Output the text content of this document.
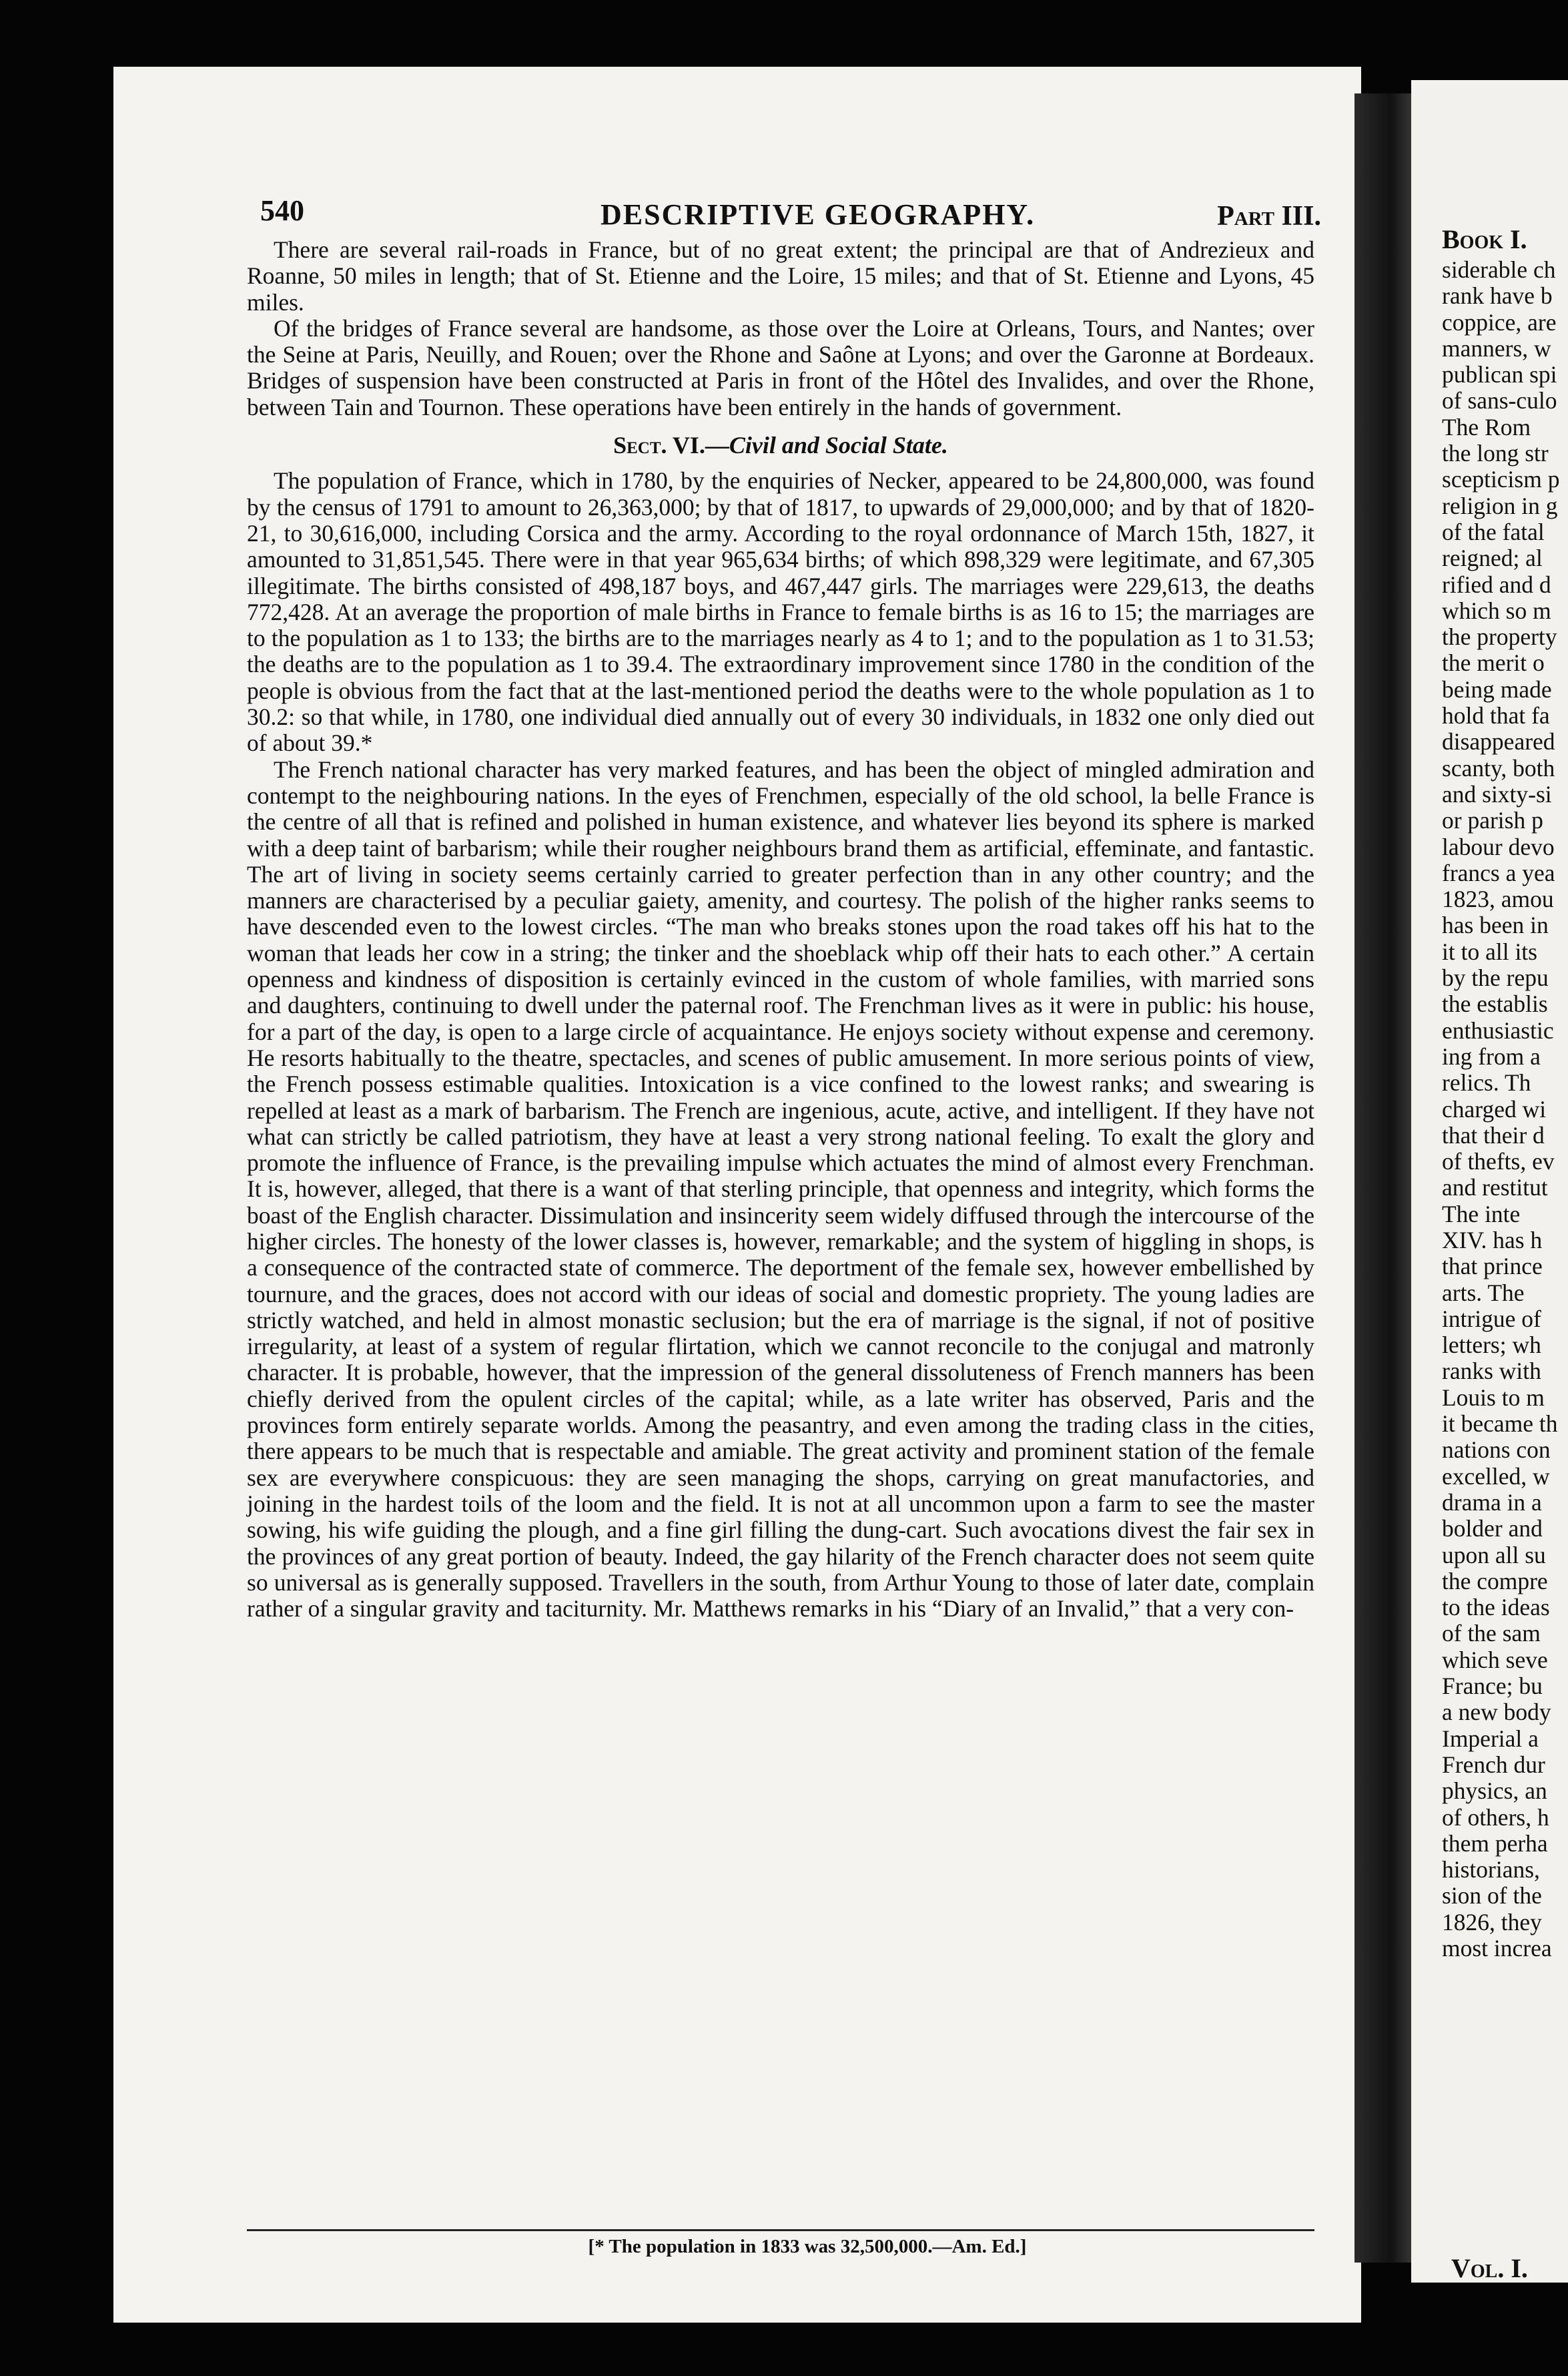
Book I.
siderable ch
rank have b
coppice, are
manners, w
publican spi
of sans-culo
The Rom
the long str
scepticism p
religion in g
of the fatal
reigned; al
rified and d
which so m
the property
the merit o
being made
hold that fa
disappeared
scanty, both
and sixty-si
or parish p
labour devo
francs a yea
1823, amou
has been in
it to all its
by the repu
the establis
enthusiastic
ing from a
relics. Th
charged wi
that their d
of thefts, ev
and restitut
The inte
XIV. has h
that prince
arts. The
intrigue of
letters; wh
ranks with
Louis to m
it became th
nations con
excelled, w
drama in a
bolder and
upon all su
the compre
to the ideas
of the sam
which seve
France; bu
a new body
Imperial a
French dur
physics, an
of others, h
them perha
historians,
sion of the
1826, they
most increa
Vol. I.
540	DESCRIPTIVE GEOGRAPHY.	Part III.

There are several rail-roads in France, but of no great extent; the principal are that of Andrezieux and Roanne, 50 miles in length; that of St. Etienne and the Loire, 15 miles; and that of St. Etienne and Lyons, 45 miles.

Of the bridges of France several are handsome, as those over the Loire at Orleans, Tours, and Nantes; over the Seine at Paris, Neuilly, and Rouen; over the Rhone and Saône at Lyons; and over the Garonne at Bordeaux. Bridges of suspension have been constructed at Paris in front of the Hôtel des Invalides, and over the Rhone, between Tain and Tournon. These operations have been entirely in the hands of government.

Sect. VI.—Civil and Social State.

The population of France, which in 1780, by the enquiries of Necker, appeared to be 24,800,000, was found by the census of 1791 to amount to 26,363,000; by that of 1817, to upwards of 29,000,000; and by that of 1820-21, to 30,616,000, including Corsica and the army. According to the royal ordonnance of March 15th, 1827, it amounted to 31,851,545. There were in that year 965,634 births; of which 898,329 were legitimate, and 67,305 illegitimate. The births consisted of 498,187 boys, and 467,447 girls. The marriages were 229,613, the deaths 772,428. At an average the proportion of male births in France to female births is as 16 to 15; the marriages are to the population as 1 to 133; the births are to the marriages nearly as 4 to 1; and to the population as 1 to 31.53; the deaths are to the population as 1 to 39.4. The extraordinary improvement since 1780 in the condition of the people is obvious from the fact that at the last-mentioned period the deaths were to the whole population as 1 to 30.2: so that while, in 1780, one individual died annually out of every 30 individuals, in 1832 one only died out of about 39.*

The French national character has very marked features, and has been the object of mingled admiration and contempt to the neighbouring nations. In the eyes of Frenchmen, especially of the old school, la belle France is the centre of all that is refined and polished in human existence, and whatever lies beyond its sphere is marked with a deep taint of barbarism; while their rougher neighbours brand them as artificial, effeminate, and fantastic. The art of living in society seems certainly carried to greater perfection than in any other country; and the manners are characterised by a peculiar gaiety, amenity, and courtesy. The polish of the higher ranks seems to have descended even to the lowest circles. “The man who breaks stones upon the road takes off his hat to the woman that leads her cow in a string; the tinker and the shoeblack whip off their hats to each other.” A certain openness and kindness of disposition is certainly evinced in the custom of whole families, with married sons and daughters, continuing to dwell under the paternal roof. The Frenchman lives as it were in public: his house, for a part of the day, is open to a large circle of acquaintance. He enjoys society without expense and ceremony. He resorts habitually to the theatre, spectacles, and scenes of public amusement. In more serious points of view, the French possess estimable qualities. Intoxication is a vice confined to the lowest ranks; and swearing is repelled at least as a mark of barbarism. The French are ingenious, acute, active, and intelligent. If they have not what can strictly be called patriotism, they have at least a very strong national feeling. To exalt the glory and promote the influence of France, is the prevailing impulse which actuates the mind of almost every Frenchman. It is, however, alleged, that there is a want of that sterling principle, that openness and integrity, which forms the boast of the English character. Dissimulation and insincerity seem widely diffused through the intercourse of the higher circles. The honesty of the lower classes is, however, remarkable; and the system of higgling in shops, is a consequence of the contracted state of commerce. The deportment of the female sex, however embellished by tournure, and the graces, does not accord with our ideas of social and domestic propriety. The young ladies are strictly watched, and held in almost monastic seclusion; but the era of marriage is the signal, if not of positive irregularity, at least of a system of regular flirtation, which we cannot reconcile to the conjugal and matronly character. It is probable, however, that the impression of the general dissoluteness of French manners has been chiefly derived from the opulent circles of the capital; while, as a late writer has observed, Paris and the provinces form entirely separate worlds. Among the peasantry, and even among the trading class in the cities, there appears to be much that is respectable and amiable. The great activity and prominent station of the female sex are everywhere conspicuous: they are seen managing the shops, carrying on great manufactories, and joining in the hardest toils of the loom and the field. It is not at all uncommon upon a farm to see the master sowing, his wife guiding the plough, and a fine girl filling the dung-cart. Such avocations divest the fair sex in the provinces of any great portion of beauty. Indeed, the gay hilarity of the French character does not seem quite so universal as is generally supposed. Travellers in the south, from Arthur Young to those of later date, complain rather of a singular gravity and taciturnity. Mr. Matthews remarks in his “Diary of an Invalid,” that a very con-

[* The population in 1833 was 32,500,000.—Am. Ed.]
